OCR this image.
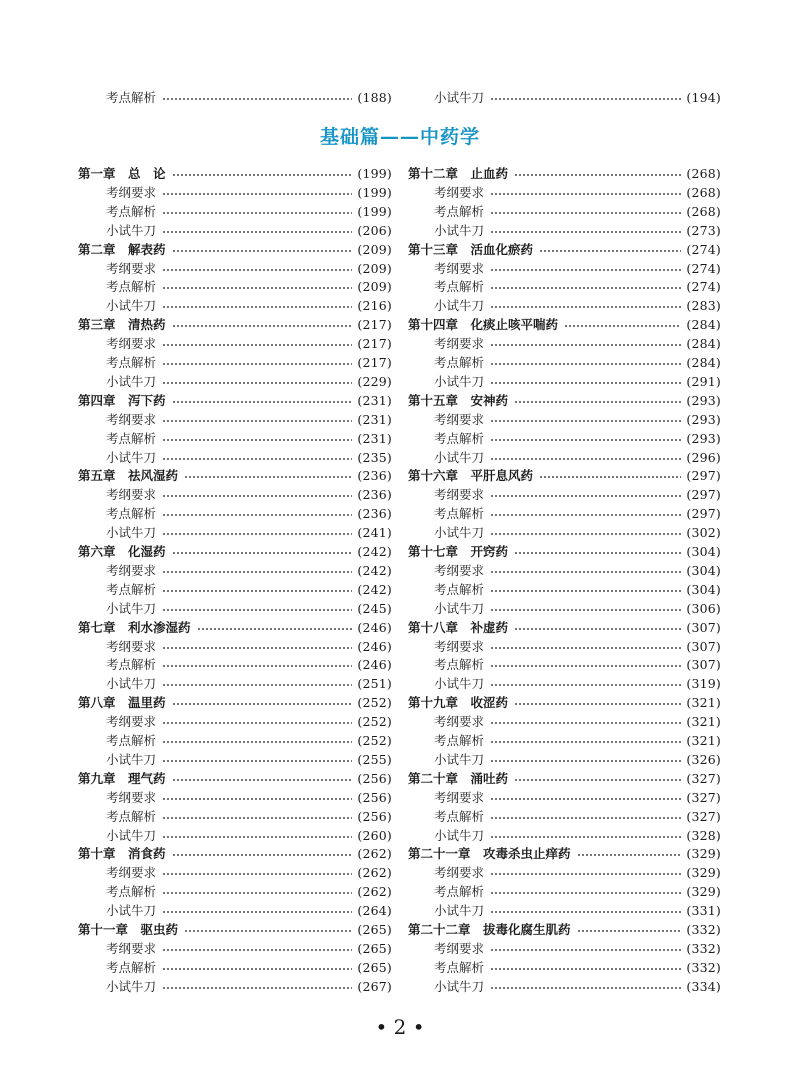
考点解析	(188)	小试牛刀	(194)
基础篇——中药学
第一章　总　论	(199)
考纲要求	(199)
考点解析	(199)
小试牛刀	(206)
第二章　解表药	(209)
考纲要求	(209)
考点解析	(209)
小试牛刀	(216)
第三章　清热药	(217)
考纲要求	(217)
考点解析	(217)
小试牛刀	(229)
第四章　泻下药	(231)
考纲要求	(231)
考点解析	(231)
小试牛刀	(235)
第五章　祛风湿药	(236)
考纲要求	(236)
考点解析	(236)
小试牛刀	(241)
第六章　化湿药	(242)
考纲要求	(242)
考点解析	(242)
小试牛刀	(245)
第七章　利水渗湿药	(246)
考纲要求	(246)
考点解析	(246)
小试牛刀	(251)
第八章　温里药	(252)
考纲要求	(252)
考点解析	(252)
小试牛刀	(255)
第九章　理气药	(256)
考纲要求	(256)
考点解析	(256)
小试牛刀	(260)
第十章　消食药	(262)
考纲要求	(262)
考点解析	(262)
小试牛刀	(264)
第十一章　驱虫药	(265)
考纲要求	(265)
考点解析	(265)
小试牛刀	(267)
第十二章　止血药	(268)
考纲要求	(268)
考点解析	(268)
小试牛刀	(273)
第十三章　活血化瘀药	(274)
考纲要求	(274)
考点解析	(274)
小试牛刀	(283)
第十四章　化痰止咳平喘药	(284)
考纲要求	(284)
考点解析	(284)
小试牛刀	(291)
第十五章　安神药	(293)
考纲要求	(293)
考点解析	(293)
小试牛刀	(296)
第十六章　平肝息风药	(297)
考纲要求	(297)
考点解析	(297)
小试牛刀	(302)
第十七章　开窍药	(304)
考纲要求	(304)
考点解析	(304)
小试牛刀	(306)
第十八章　补虚药	(307)
考纲要求	(307)
考点解析	(307)
小试牛刀	(319)
第十九章　收涩药	(321)
考纲要求	(321)
考点解析	(321)
小试牛刀	(326)
第二十章　涌吐药	(327)
考纲要求	(327)
考点解析	(327)
小试牛刀	(328)
第二十一章　攻毒杀虫止痒药	(329)
考纲要求	(329)
考点解析	(329)
小试牛刀	(331)
第二十二章　拔毒化腐生肌药	(332)
考纲要求	(332)
考点解析	(332)
小试牛刀	(334)
• 2 •
